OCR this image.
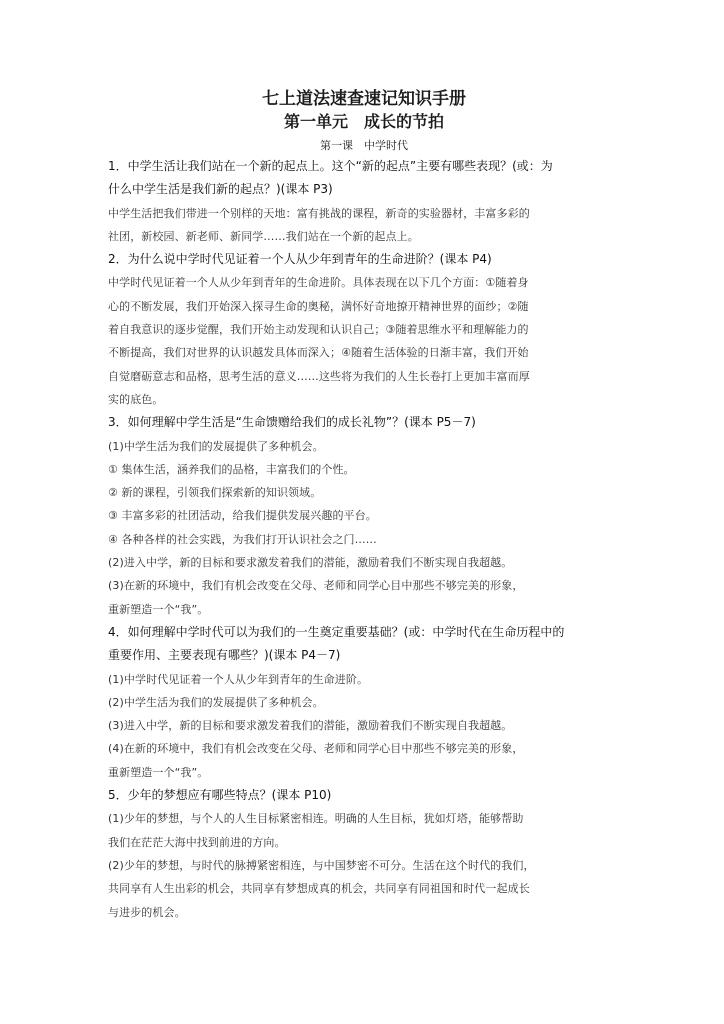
七上道法速查速记知识手册

第一单元　成长的节拍

第一课　中学时代

1．中学生活让我们站在一个新的起点上。这个“新的起点”主要有哪些表现？(或：为

什么中学生活是我们新的起点？)(课本 P3)

中学生活把我们带进一个别样的天地：富有挑战的课程，新奇的实验器材，丰富多彩的

社团，新校园、新老师、新同学……我们站在一个新的起点上。

2．为什么说中学时代见证着一个人从少年到青年的生命进阶？(课本 P4)

中学时代见证着一个人从少年到青年的生命进阶。具体表现在以下几个方面：①随着身

心的不断发展，我们开始深入探寻生命的奥秘，满怀好奇地撩开精神世界的面纱；②随

着自我意识的逐步觉醒，我们开始主动发现和认识自己；③随着思维水平和理解能力的

不断提高，我们对世界的认识越发具体而深入；④随着生活体验的日渐丰富，我们开始

自觉磨砺意志和品格，思考生活的意义……这些将为我们的人生长卷打上更加丰富而厚

实的底色。

3．如何理解中学生活是“生命馈赠给我们的成长礼物”？(课本 P5－7)

(1)中学生活为我们的发展提供了多种机会。

① 集体生活，涵养我们的品格，丰富我们的个性。

② 新的课程，引领我们探索新的知识领域。

③ 丰富多彩的社团活动，给我们提供发展兴趣的平台。

④ 各种各样的社会实践，为我们打开认识社会之门……

(2)进入中学，新的目标和要求激发着我们的潜能，激励着我们不断实现自我超越。

(3)在新的环境中，我们有机会改变在父母、老师和同学心目中那些不够完美的形象，

重新塑造一个“我”。

4．如何理解中学时代可以为我们的一生奠定重要基础？(或：中学时代在生命历程中的

重要作用、主要表现有哪些？)(课本 P4－7)

(1)中学时代见证着一个人从少年到青年的生命进阶。

(2)中学生活为我们的发展提供了多种机会。

(3)进入中学，新的目标和要求激发着我们的潜能，激励着我们不断实现自我超越。

(4)在新的环境中，我们有机会改变在父母、老师和同学心目中那些不够完美的形象，

重新塑造一个“我”。

5．少年的梦想应有哪些特点？(课本 P10)

(1)少年的梦想，与个人的人生目标紧密相连。明确的人生目标，犹如灯塔，能够帮助

我们在茫茫大海中找到前进的方向。

(2)少年的梦想，与时代的脉搏紧密相连，与中国梦密不可分。生活在这个时代的我们，

共同享有人生出彩的机会，共同享有梦想成真的机会，共同享有同祖国和时代一起成长

与进步的机会。
